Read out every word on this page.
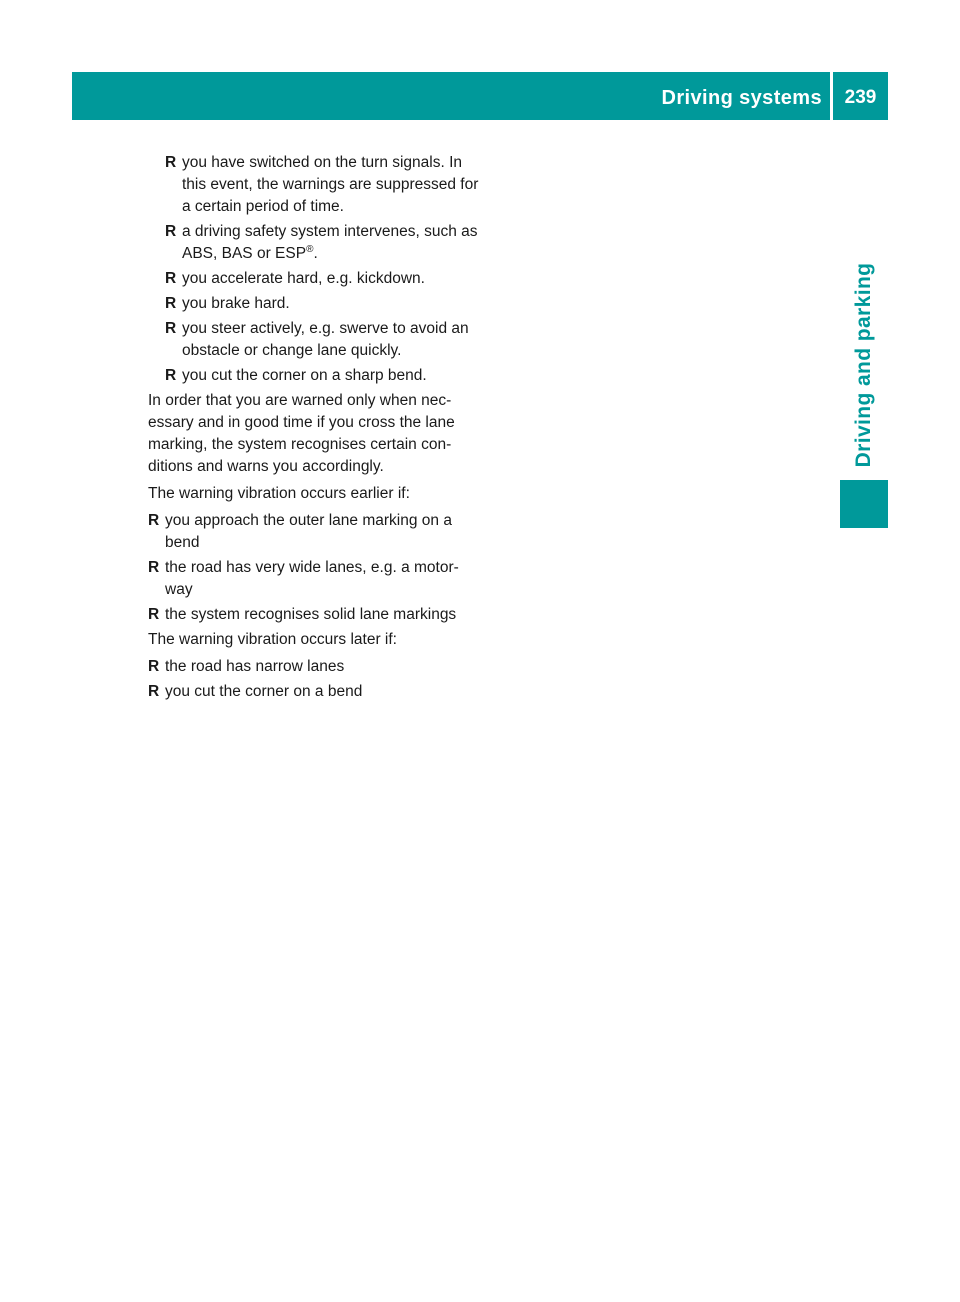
Driving systems	239
Driving and parking
R you have switched on the turn signals. In this event, the warnings are suppressed for a certain period of time.
R a driving safety system intervenes, such as ABS, BAS or ESP®.
R you accelerate hard, e.g. kickdown.
R you brake hard.
R you steer actively, e.g. swerve to avoid an obstacle or change lane quickly.
R you cut the corner on a sharp bend.

In order that you are warned only when nec- essary and in good time if you cross the lane marking, the system recognises certain con- ditions and warns you accordingly.

The warning vibration occurs earlier if:

R you approach the outer lane marking on a bend
R the road has very wide lanes, e.g. a motor- way
R the system recognises solid lane markings

The warning vibration occurs later if:

R the road has narrow lanes
R you cut the corner on a bend
